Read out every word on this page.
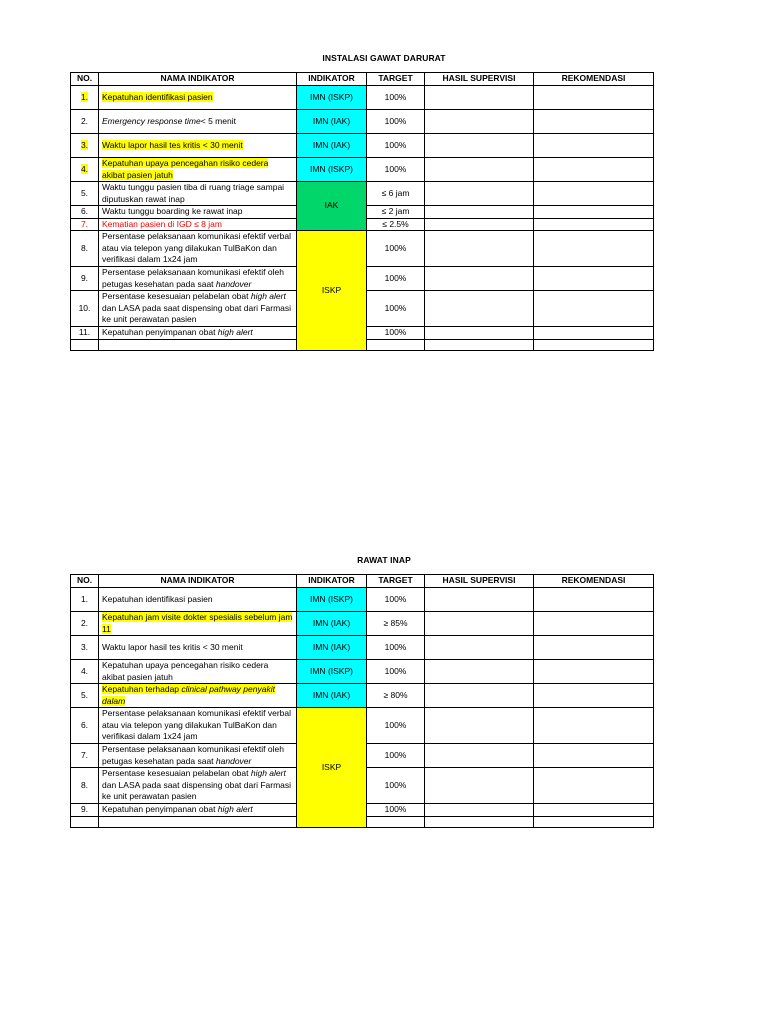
INSTALASI GAWAT DARURAT
NO.	NAMA INDIKATOR	INDIKATOR	TARGET	HASIL SUPERVISI	REKOMENDASI
1.	Kepatuhan identifikasi pasien	IMN (ISKP)	100%		
2.	Emergency response time< 5 menit	IMN (IAK)	100%		
3.	Waktu lapor hasil tes kritis < 30 menit	IMN (IAK)	100%		
4.	Kepatuhan upaya pencegahan risiko cedera akibat pasien jatuh	IMN (ISKP)	100%		
5.	Waktu tunggu pasien tiba di ruang triage sampai diputuskan rawat inap	IAK	≤ 6 jam		
6.	Waktu tunggu boarding ke rawat inap		≤ 2 jam		
7.	Kematian pasien di IGD ≤ 8 jam		≤ 2.5%		
8.	Persentase pelaksanaan komunikasi efektif verbal atau via telepon yang dilakukan TulBaKon dan verifikasi dalam 1x24 jam	ISKP	100%		
9.	Persentase pelaksanaan komunikasi efektif oleh petugas kesehatan pada saat handover		100%		
10.	Persentase kesesuaian pelabelan obat high alert dan LASA pada saat dispensing obat dari Farmasi ke unit perawatan pasien		100%		
11.	Kepatuhan penyimpanan obat high alert		100%		

RAWAT INAP
NO.	NAMA INDIKATOR	INDIKATOR	TARGET	HASIL SUPERVISI	REKOMENDASI
1.	Kepatuhan identifikasi pasien	IMN (ISKP)	100%		
2.	Kepatuhan jam visite dokter spesialis sebelum jam 11	IMN (IAK)	≥ 85%		
3.	Waktu lapor hasil tes kritis < 30 menit	IMN (IAK)	100%		
4.	Kepatuhan upaya pencegahan risiko cedera akibat pasien jatuh	IMN (ISKP)	100%		
5.	Kepatuhan terhadap clinical pathway penyakit dalam	IMN (IAK)	≥ 80%		
6.	Persentase pelaksanaan komunikasi efektif verbal atau via telepon yang dilakukan TulBaKon dan verifikasi dalam 1x24 jam	ISKP	100%		
7.	Persentase pelaksanaan komunikasi efektif oleh petugas kesehatan pada saat handover		100%		
8.	Persentase kesesuaian pelabelan obat high alert dan LASA pada saat dispensing obat dari Farmasi ke unit perawatan pasien		100%		
9.	Kepatuhan penyimpanan obat high alert		100%		
